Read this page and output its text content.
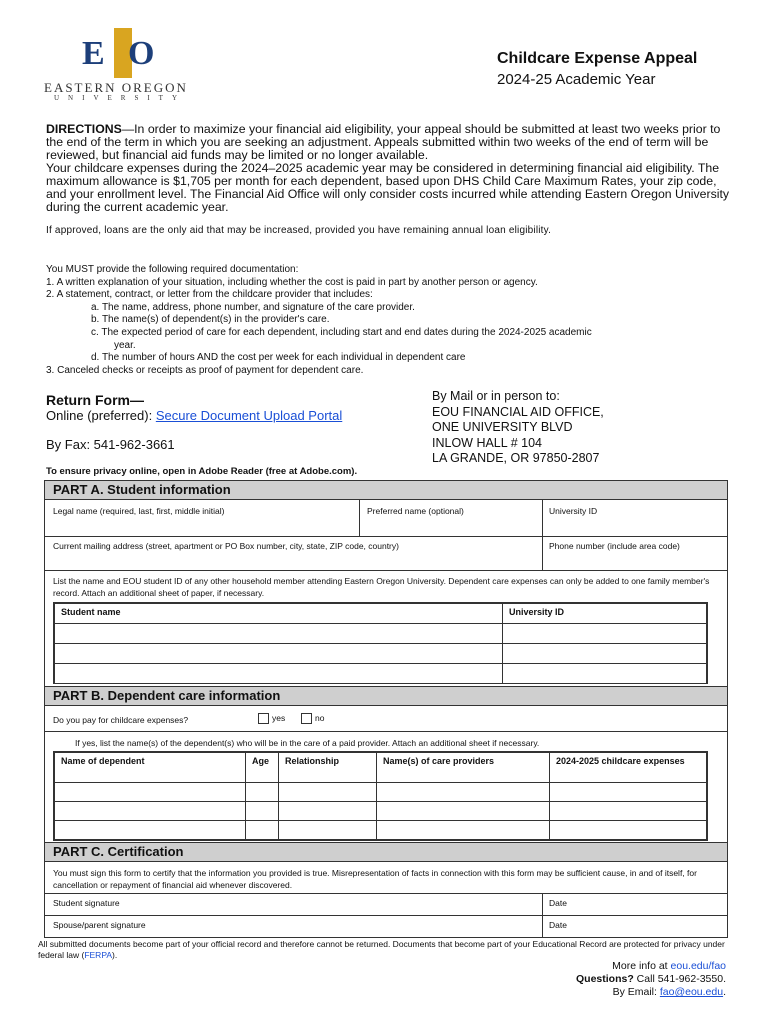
E O
EASTERN OREGON
UNIVERSITY
Childcare Expense Appeal
2024-25 Academic Year

DIRECTIONS—In order to maximize your financial aid eligibility, your appeal should be submitted at least two weeks prior to the end of the term in which you are seeking an adjustment. Appeals submitted within two weeks of the end of term will be reviewed, but financial aid funds may be limited or no longer available.

Your childcare expenses during the 2024–2025 academic year may be considered in determining financial aid eligibility. The maximum allowance is $1,705 per month for each dependent, based upon DHS Child Care Maximum Rates, your zip code, and your enrollment level. The Financial Aid Office will only consider costs incurred while attending Eastern Oregon University during the current academic year.

If approved, loans are the only aid that may be increased, provided you have remaining annual loan eligibility.

You MUST provide the following required documentation:
1. A written explanation of your situation, including whether the cost is paid in part by another person or agency.
2. A statement, contract, or letter from the childcare provider that includes:
a. The name, address, phone number, and signature of the care provider.
b. The name(s) of dependent(s) in the provider's care.
c. The expected period of care for each dependent, including start and end dates during the 2024-2025 academic
year.
d. The number of hours AND the cost per week for each individual in dependent care
3. Canceled checks or receipts as proof of payment for dependent care.
Return Form—
Online (preferred): Secure Document Upload Portal
By Fax: 541-962-3661
By Mail or in person to:
EOU FINANCIAL AID OFFICE,
ONE UNIVERSITY BLVD
INLOW HALL # 104
LA GRANDE, OR 97850-2807
To ensure privacy online, open in Adobe Reader (free at Adobe.com).
PART A. Student information
Legal name (required, last, first, middle initial)	Preferred name (optional)	University ID
Current mailing address (street, apartment or PO Box number, city, state, ZIP code, country)	Phone number (include area code)
List the name and EOU student ID of any other household member attending Eastern Oregon University. Dependent care expenses can only be added to one family member's record. Attach an additional sheet of paper, if necessary.
Student name	University ID

PART B. Dependent care information
Do you pay for childcare expenses?	yes	no
If yes, list the name(s) of the dependent(s) who will be in the care of a paid provider. Attach an additional sheet if necessary.
Name of dependent	Age	Relationship	Name(s) of care providers	2024-2025 childcare expenses

PART C. Certification
You must sign this form to certify that the information you provided is true. Misrepresentation of facts in connection with this form may be sufficient cause, in and of itself, for cancellation or repayment of financial aid whenever discovered.
Student signature	Date
Spouse/parent signature	Date
All submitted documents become part of your official record and therefore cannot be returned. Documents that become part of your Educational Record are protected for privacy under federal law (FERPA).
More info at eou.edu/fao
Questions? Call 541-962-3550.
By Email: fao@eou.edu.
